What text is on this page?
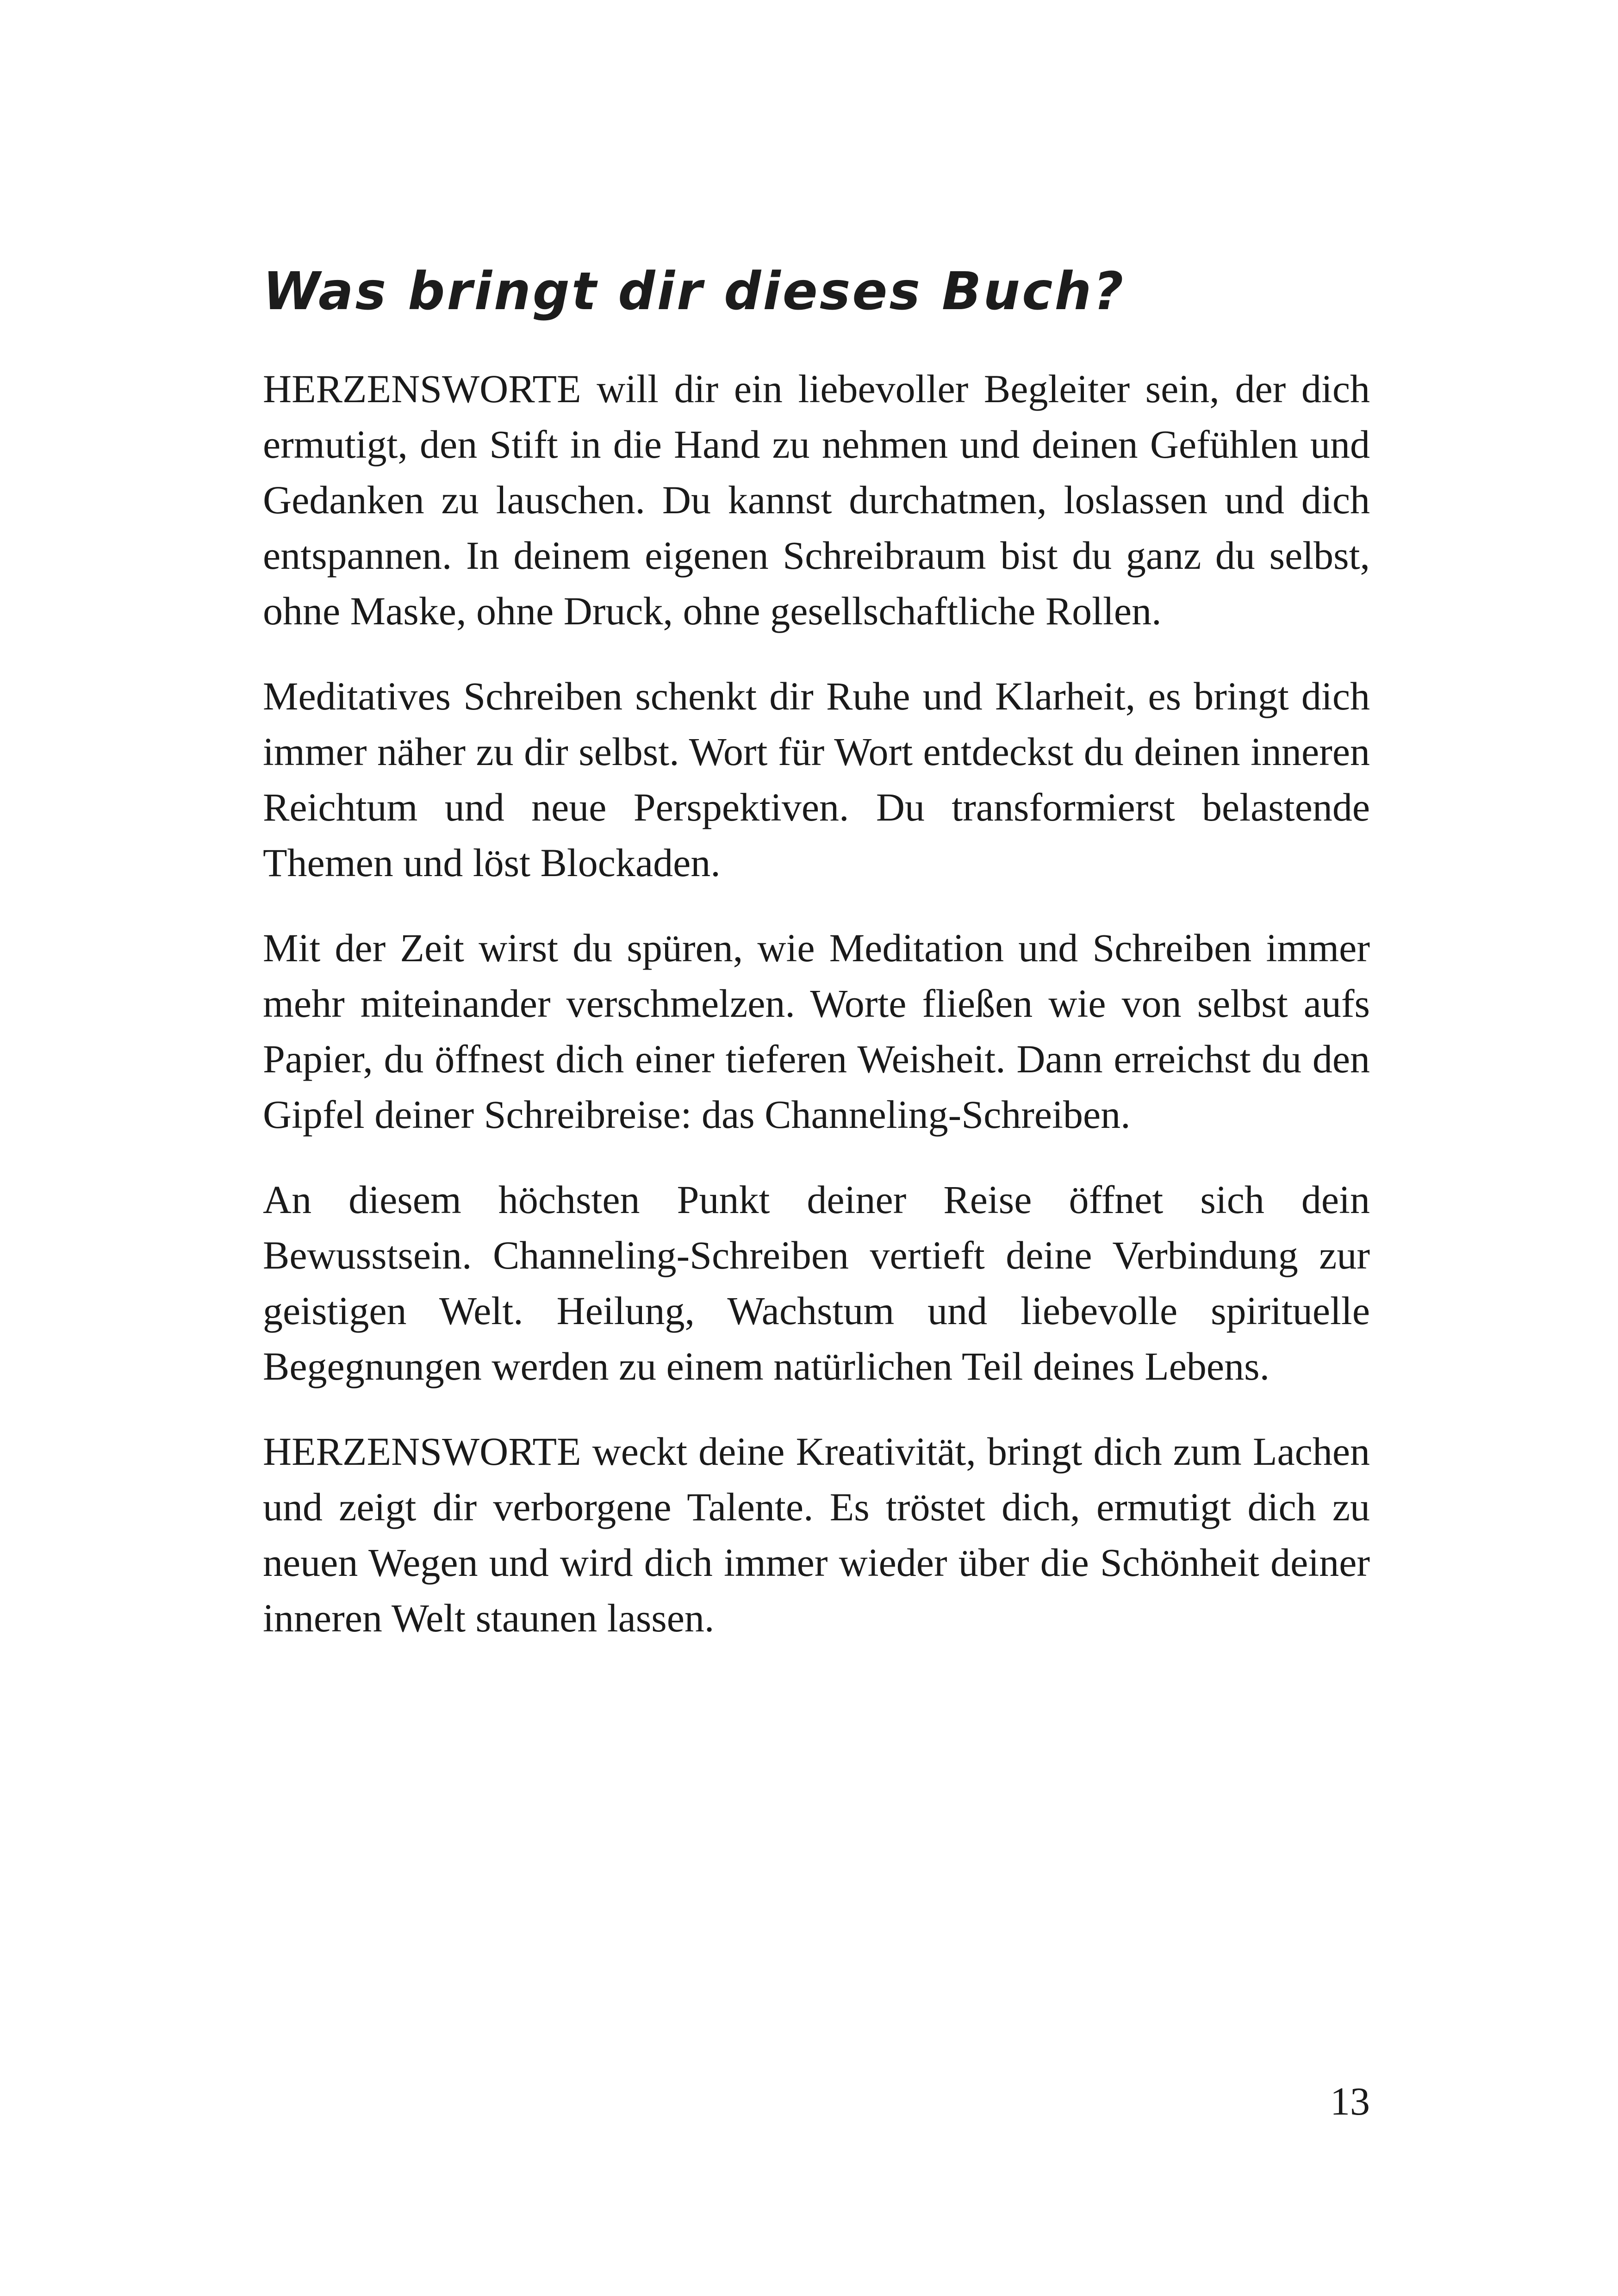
Was bringt dir dieses Buch?

HERZENSWORTE will dir ein liebevoller Begleiter sein, der dich ermutigt, den Stift in die Hand zu nehmen und deinen Gefühlen und Gedanken zu lauschen. Du kannst durchatmen, loslassen und dich entspannen. In deinem eigenen Schreibraum bist du ganz du selbst, ohne Maske, ohne Druck, ohne gesellschaftliche Rollen.

Meditatives Schreiben schenkt dir Ruhe und Klarheit, es bringt dich immer näher zu dir selbst. Wort für Wort entdeckst du deinen inneren Reichtum und neue Perspektiven. Du transformierst belastende Themen und löst Blockaden.

Mit der Zeit wirst du spüren, wie Meditation und Schreiben immer mehr miteinander verschmelzen. Worte fließen wie von selbst aufs Papier, du öffnest dich einer tieferen Weisheit. Dann erreichst du den Gipfel deiner Schreibreise: das Channeling-Schreiben.

An diesem höchsten Punkt deiner Reise öffnet sich dein Bewusstsein. Channeling-Schreiben vertieft deine Verbindung zur geistigen Welt. Heilung, Wachstum und liebevolle spirituelle Begegnungen werden zu einem natürlichen Teil deines Lebens.

HERZENSWORTE weckt deine Kreativität, bringt dich zum Lachen und zeigt dir verborgene Talente. Es tröstet dich, ermutigt dich zu neuen Wegen und wird dich immer wieder über die Schönheit deiner inneren Welt staunen lassen.

13
